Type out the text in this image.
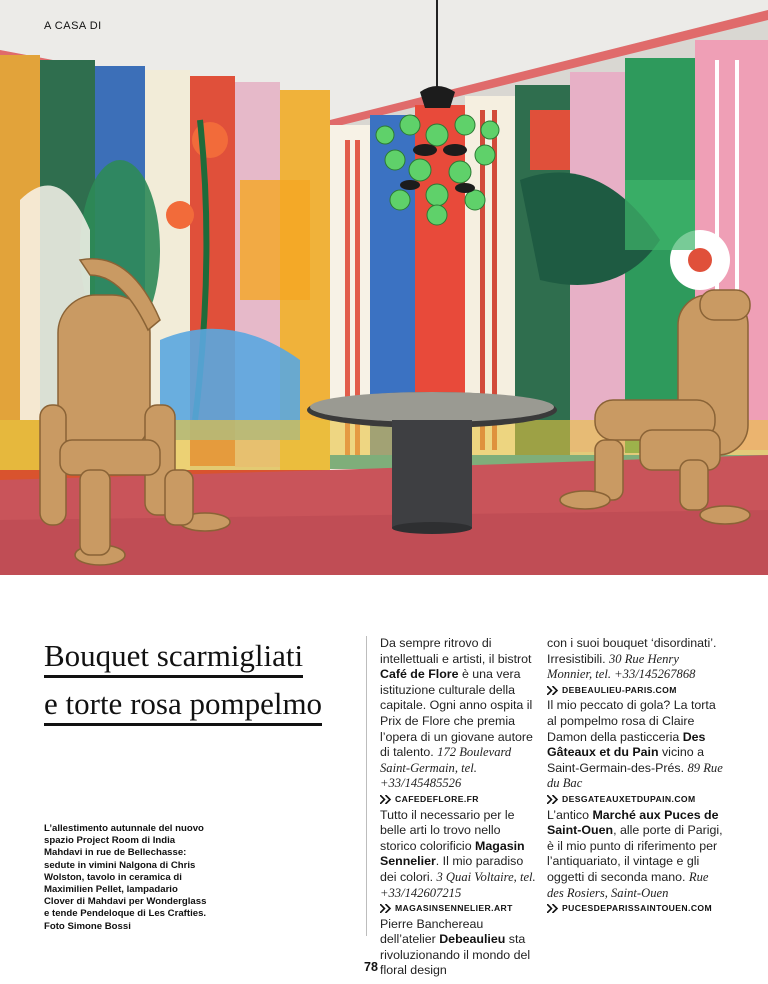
A CASA DI
Bouquet scarmigliati
e torte rosa pompelmo

L’allestimento autunnale del nuovo spazio Project Room di India Mahdavi in rue de Bellechasse: sedute in vimini Nalgona di Chris Wolston, tavolo in ceramica di Maximilien Pellet, lampadario Clover di Mahdavi per Wonderglass e tende Pendeloque di Les Crafties. Foto Simone Bossi

Da sempre ritrovo di intellettuali e artisti, il bistrot Café de Flore è una vera istituzione culturale della capitale. Ogni anno ospita il Prix de Flore che premia l’opera di un giovane autore di talento. 172 Boulevard Saint-Germain, tel. +33/145485526

CAFEDEFLORE.FR

Tutto il necessario per le belle arti lo trovo nello storico colorificio Magasin Sennelier. Il mio paradiso dei colori. 3 Quai Voltaire, tel. +33/142607215

MAGASINSENNELIER.ART

Pierre Banchereau dell’atelier Debeaulieu sta rivoluzionando il mondo del floral design

con i suoi bouquet ‘disordinati’. Irresistibili. 30 Rue Henry Monnier, tel. +33/145267868

DEBEAULIEU-PARIS.COM

Il mio peccato di gola? La torta al pompelmo rosa di Claire Damon della pasticceria Des Gâteaux et du Pain vicino a Saint-Germain-des-Prés. 89 Rue du Bac

DESGATEAUXETDUPAIN.COM

L’antico Marché aux Puces de Saint-Ouen, alle porte di Parigi, è il mio punto di riferimento per l’antiquariato, il vintage e gli oggetti di seconda mano. Rue des Rosiers, Saint-Ouen

PUCESDEPARISSAINTOUEN.COM
78
